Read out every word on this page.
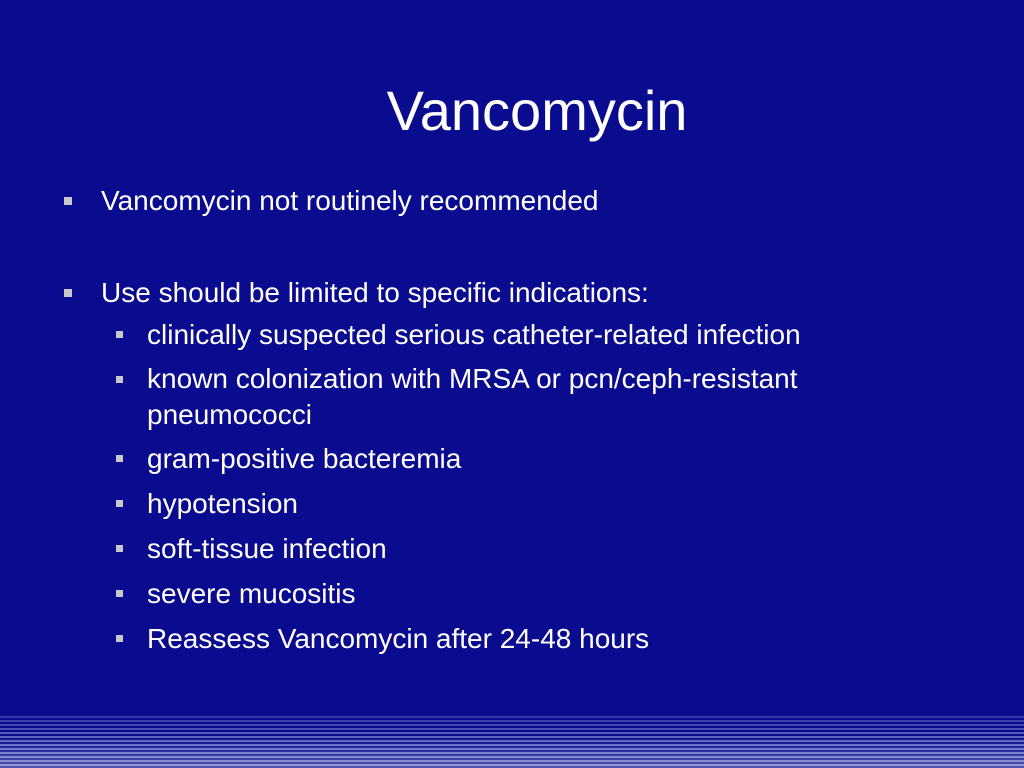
Vancomycin
Vancomycin not routinely recommended
Use should be limited to specific indications:
clinically suspected serious catheter-related infection
known colonization with MRSA or pcn/ceph-resistant pneumococci
gram-positive bacteremia
hypotension
soft-tissue infection
severe mucositis
Reassess Vancomycin after 24-48 hours
